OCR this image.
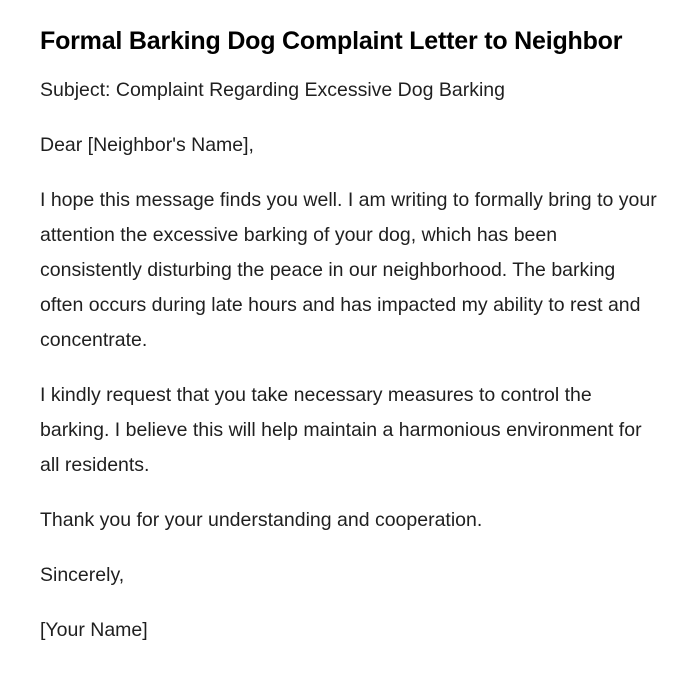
Formal Barking Dog Complaint Letter to Neighbor

Subject: Complaint Regarding Excessive Dog Barking

Dear [Neighbor's Name],

I hope this message finds you well. I am writing to formally bring to your attention the excessive barking of your dog, which has been consistently disturbing the peace in our neighborhood. The barking often occurs during late hours and has impacted my ability to rest and concentrate.

I kindly request that you take necessary measures to control the barking. I believe this will help maintain a harmonious environment for all residents.

Thank you for your understanding and cooperation.

Sincerely,

[Your Name]
